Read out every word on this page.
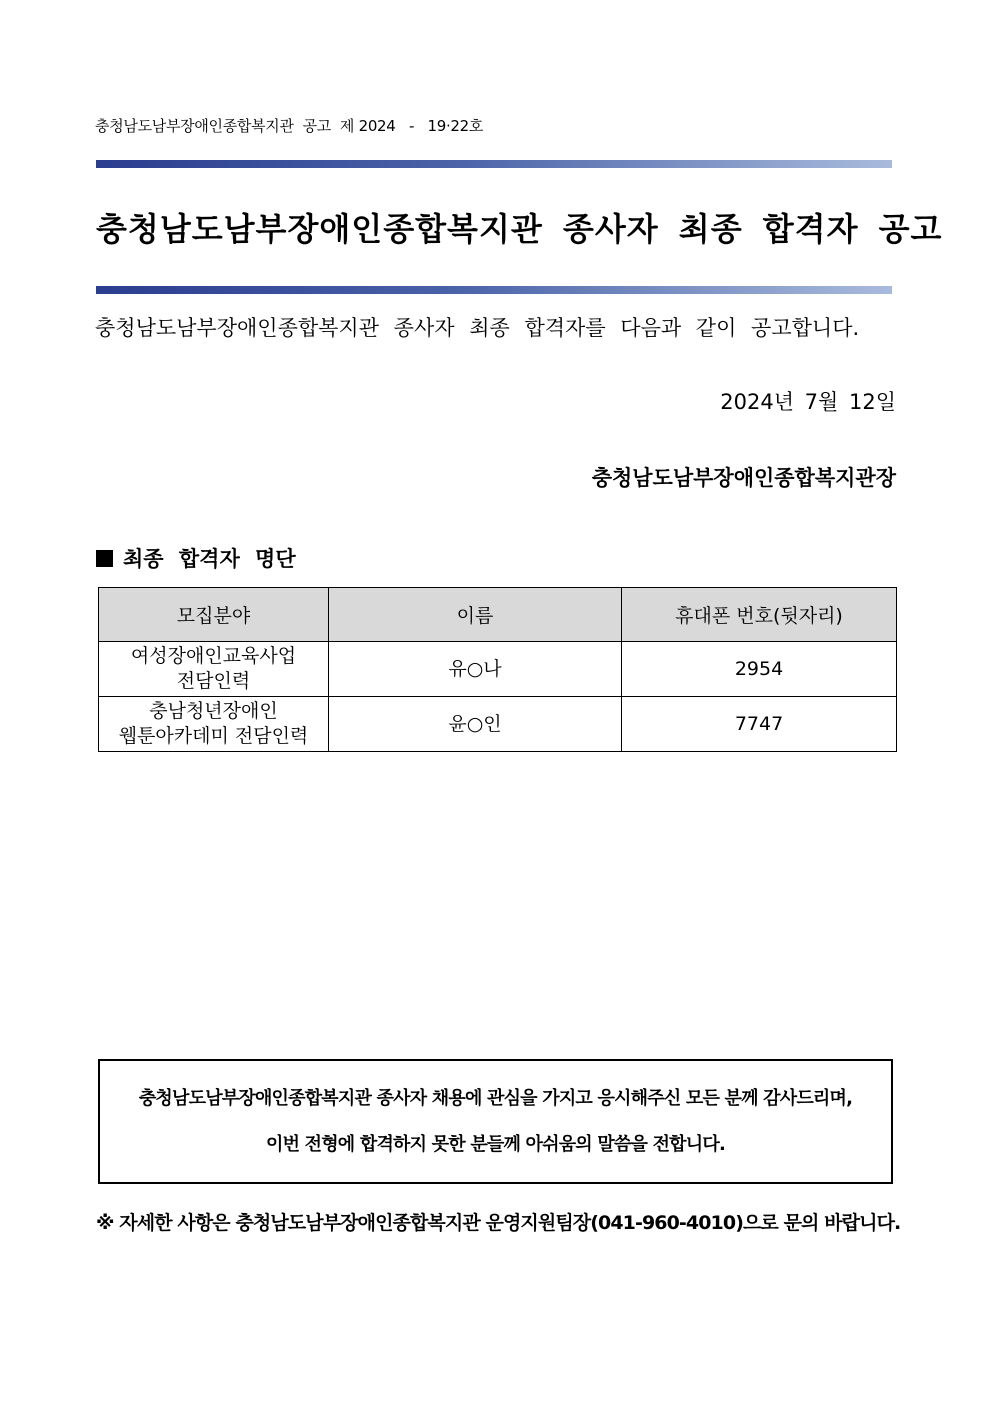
충청남도남부장애인종합복지관  공고  제 2024   -   19·22호
충청남도남부장애인종합복지관 종사자 최종 합격자 공고
충청남도남부장애인종합복지관 종사자 최종 합격자를 다음과 같이 공고합니다.
2024년 7월 12일
충청남도남부장애인종합복지관장
최종 합격자 명단
모집분야	이름	휴대폰 번호(뒷자리)
여성장애인교육사업
전담인력	유○나	2954
충남청년장애인
웹툰아카데미 전담인력	윤○인	7747
충청남도남부장애인종합복지관 종사자 채용에 관심을 가지고 응시해주신 모든 분께 감사드리며,
이번 전형에 합격하지 못한 분들께 아쉬움의 말씀을 전합니다.
※ 자세한 사항은 충청남도남부장애인종합복지관 운영지원팀장(041-960-4010)으로 문의 바랍니다.
